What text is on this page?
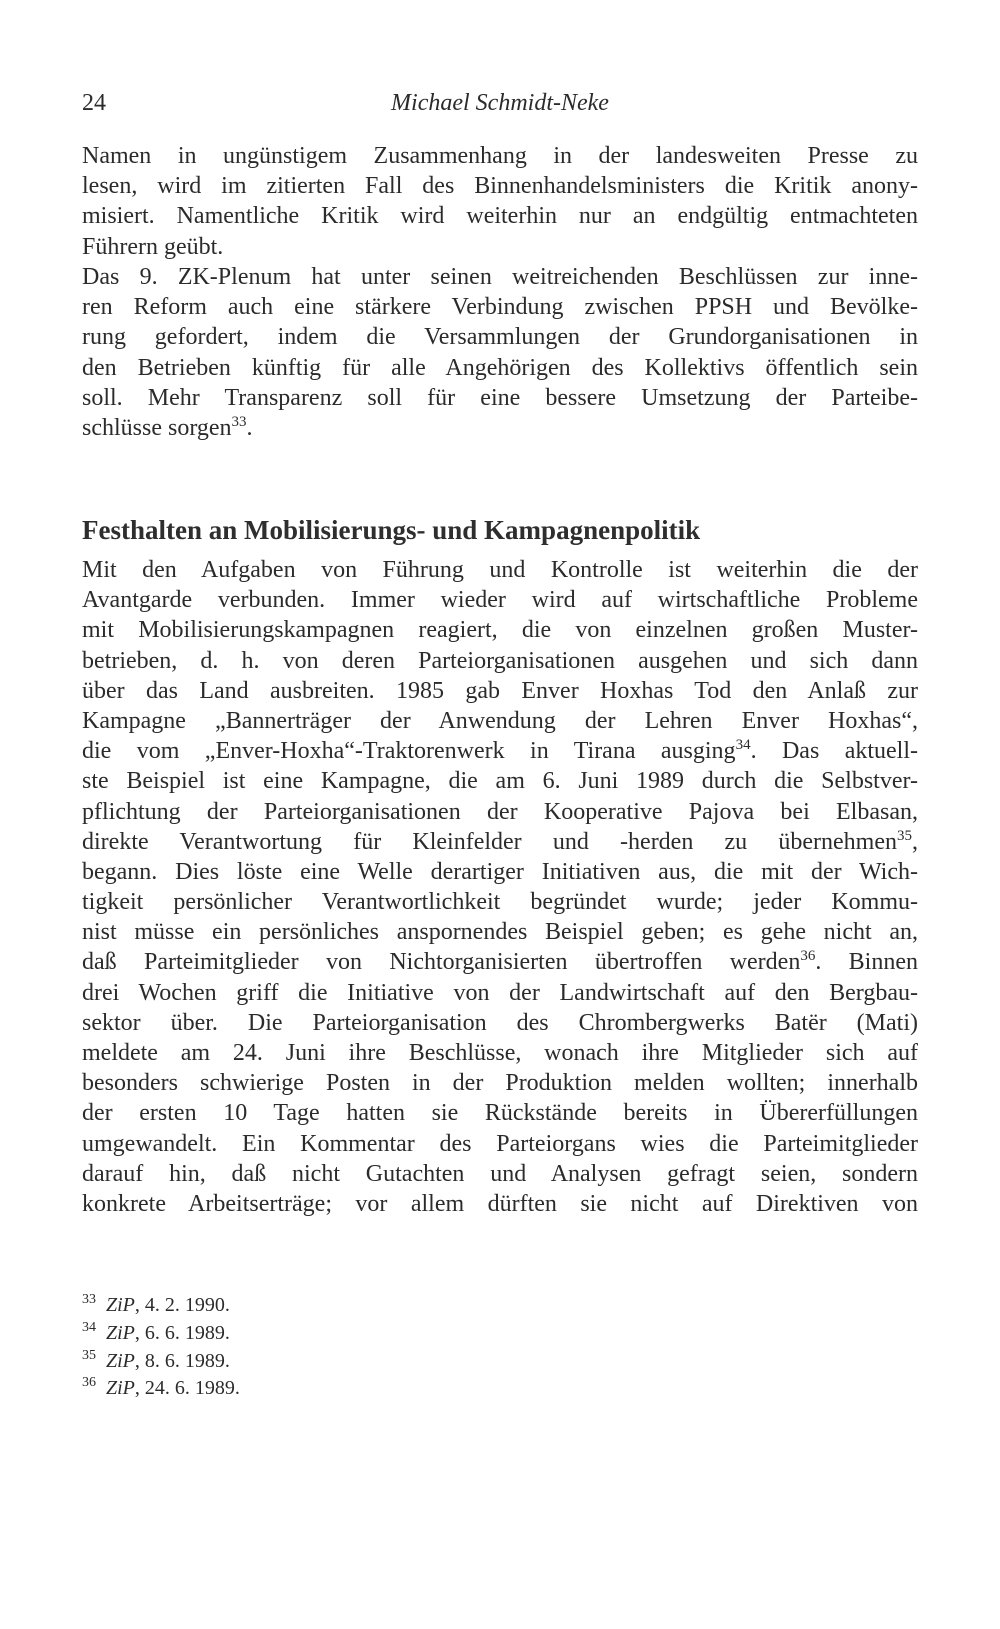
24	Michael Schmidt-Neke
Namen in ungünstigem Zusammenhang in der landesweiten Presse zu
lesen, wird im zitierten Fall des Binnenhandelsministers die Kritik anony-
misiert. Namentliche Kritik wird weiterhin nur an endgültig entmachteten
Führern geübt.
Das 9. ZK-Plenum hat unter seinen weitreichenden Beschlüssen zur inne-
ren Reform auch eine stärkere Verbindung zwischen PPSH und Bevölke-
rung gefordert, indem die Versammlungen der Grundorganisationen in
den Betrieben künftig für alle Angehörigen des Kollektivs öffentlich sein
soll. Mehr Transparenz soll für eine bessere Umsetzung der Parteibe-
schlüsse sorgen$^{33}$.
Festhalten an Mobilisierungs- und Kampagnenpolitik
Mit den Aufgaben von Führung und Kontrolle ist weiterhin die der
Avantgarde verbunden. Immer wieder wird auf wirtschaftliche Probleme
mit Mobilisierungskampagnen reagiert, die von einzelnen großen Muster-
betrieben, d. h. von deren Parteiorganisationen ausgehen und sich dann
über das Land ausbreiten. 1985 gab Enver Hoxhas Tod den Anlaß zur
Kampagne „Bannerträger der Anwendung der Lehren Enver Hoxhas“,
die vom „Enver-Hoxha“-Traktorenwerk in Tirana ausging$^{34}$. Das aktuell-
ste Beispiel ist eine Kampagne, die am 6. Juni 1989 durch die Selbstver-
pflichtung der Parteiorganisationen der Kooperative Pajova bei Elbasan,
direkte Verantwortung für Kleinfelder und -herden zu übernehmen$^{35}$,
begann. Dies löste eine Welle derartiger Initiativen aus, die mit der Wich-
tigkeit persönlicher Verantwortlichkeit begründet wurde; jeder Kommu-
nist müsse ein persönliches anspornendes Beispiel geben; es gehe nicht an,
daß Parteimitglieder von Nichtorganisierten übertroffen werden$^{36}$. Binnen
drei Wochen griff die Initiative von der Landwirtschaft auf den Bergbau-
sektor über. Die Parteiorganisation des Chrombergwerks Batër (Mati)
meldete am 24. Juni ihre Beschlüsse, wonach ihre Mitglieder sich auf
besonders schwierige Posten in der Produktion melden wollten; innerhalb
der ersten 10 Tage hatten sie Rückstände bereits in Übererfüllungen
umgewandelt. Ein Kommentar des Parteiorgans wies die Parteimitglieder
darauf hin, daß nicht Gutachten und Analysen gefragt seien, sondern
konkrete Arbeitserträge; vor allem dürften sie nicht auf Direktiven von
33 ZiP, 4. 2. 1990.
34 ZiP, 6. 6. 1989.
35 ZiP, 8. 6. 1989.
36 ZiP, 24. 6. 1989.
